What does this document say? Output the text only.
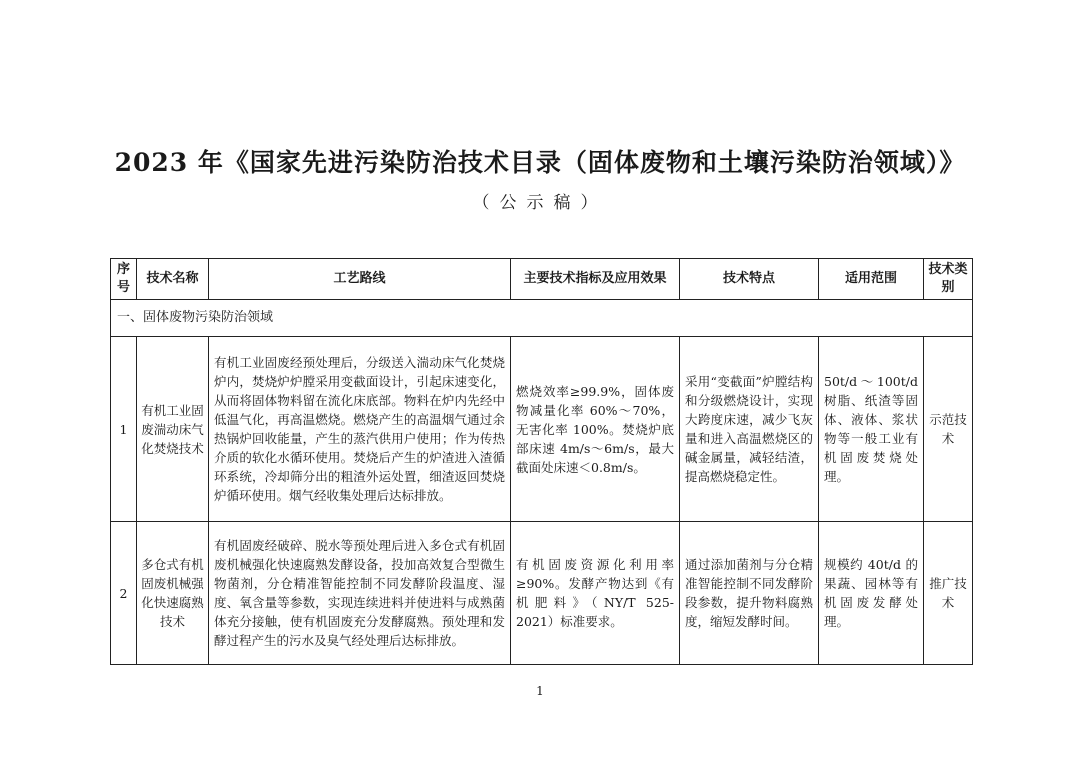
2023 年《国家先进污染防治技术目录（固体废物和土壤污染防治领域）》
（公示稿）
序号	技术名称	工艺路线	主要技术指标及应用效果	技术特点	适用范围	技术类别
一、固体废物污染防治领域						
1	有机工业固废湍动床气化焚烧技术	有机工业固废经预处理后，分级送入湍动床气化焚烧炉内，焚烧炉炉膛采用变截面设计，引起床速变化，从而将固体物料留在流化床底部。物料在炉内先经中低温气化，再高温燃烧。燃烧产生的高温烟气通过余热锅炉回收能量，产生的蒸汽供用户使用；作为传热介质的软化水循环使用。焚烧后产生的炉渣进入渣循环系统，冷却筛分出的粗渣外运处置，细渣返回焚烧炉循环使用。烟气经收集处理后达标排放。	燃烧效率≥99.9%，固体废物减量化率 60%～70%，无害化率 100%。焚烧炉底部床速 4m/s～6m/s，最大截面处床速＜0.8m/s。	采用“变截面”炉膛结构和分级燃烧设计，实现大跨度床速，减少飞灰量和进入高温燃烧区的碱金属量，减轻结渣，提高燃烧稳定性。	50t/d～100t/d 树脂、纸渣等固体、液体、浆状物等一般工业有机固废焚烧处理。	示范技术
2	多仓式有机固废机械强化快速腐熟技术	有机固废经破碎、脱水等预处理后进入多仓式有机固废机械强化快速腐熟发酵设备，投加高效复合型微生物菌剂，分仓精准智能控制不同发酵阶段温度、湿度、氧含量等参数，实现连续进料并使进料与成熟菌体充分接触，使有机固废充分发酵腐熟。预处理和发酵过程产生的污水及臭气经处理后达标排放。	有机固废资源化利用率≥90%。发酵产物达到《有机肥料》（NY/T 525-2021）标准要求。	通过添加菌剂与分仓精准智能控制不同发酵阶段参数，提升物料腐熟度，缩短发酵时间。	规模约 40t/d 的果蔬、园林等有机固废发酵处理。	推广技术
1
